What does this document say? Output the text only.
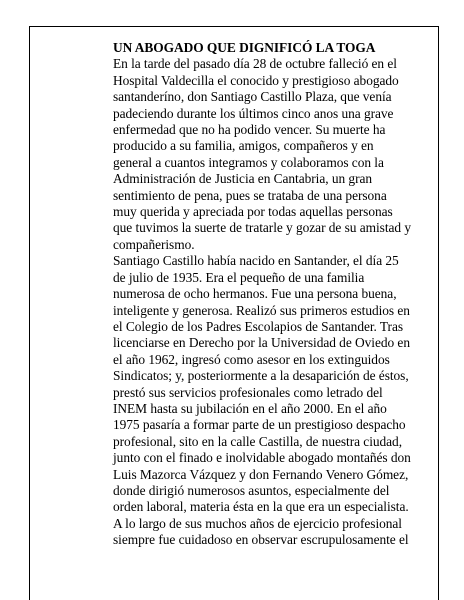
UN ABOGADO QUE DIGNIFICÓ LA TOGA
En la tarde del pasado día 28 de octubre falleció en el
Hospital Valdecilla el conocido y prestigioso abogado
santanderíno, don Santiago Castillo Plaza, que venía
padeciendo durante los últimos cinco anos una grave
enfermedad que no ha podido vencer. Su muerte ha
producido a su familia, amigos, compañeros y en
general a cuantos integramos y colaboramos con la
Administración de Justicia en Cantabria, un gran
sentimiento de pena, pues se trataba de una persona
muy querida y apreciada por todas aquellas personas
que tuvimos la suerte de tratarle y gozar de su amistad y
compañerismo.
Santiago Castillo había nacido en Santander, el día 25
de julio de 1935. Era el pequeño de una familia
numerosa de ocho hermanos. Fue una persona buena,
inteligente y generosa. Realizó sus primeros estudios en
el Colegio de los Padres Escolapios de Santander. Tras
licenciarse en Derecho por la Universidad de Oviedo en
el año 1962, ingresó como asesor en los extinguidos
Sindicatos; y, posteriormente a la desaparición de éstos,
prestó sus servicios profesionales como letrado del
INEM hasta su jubilación en el año 2000. En el año
1975 pasaría a formar parte de un prestigioso despacho
profesional, sito en la calle Castilla, de nuestra ciudad,
junto con el finado e inolvidable abogado montañés don
Luis Mazorca Vázquez y don Fernando Venero Gómez,
donde dirigió numerosos asuntos, especialmente del
orden laboral, materia ésta en la que era un especialista.
A lo largo de sus muchos años de ejercicio profesional
siempre fue cuidadoso en observar escrupulosamente el
